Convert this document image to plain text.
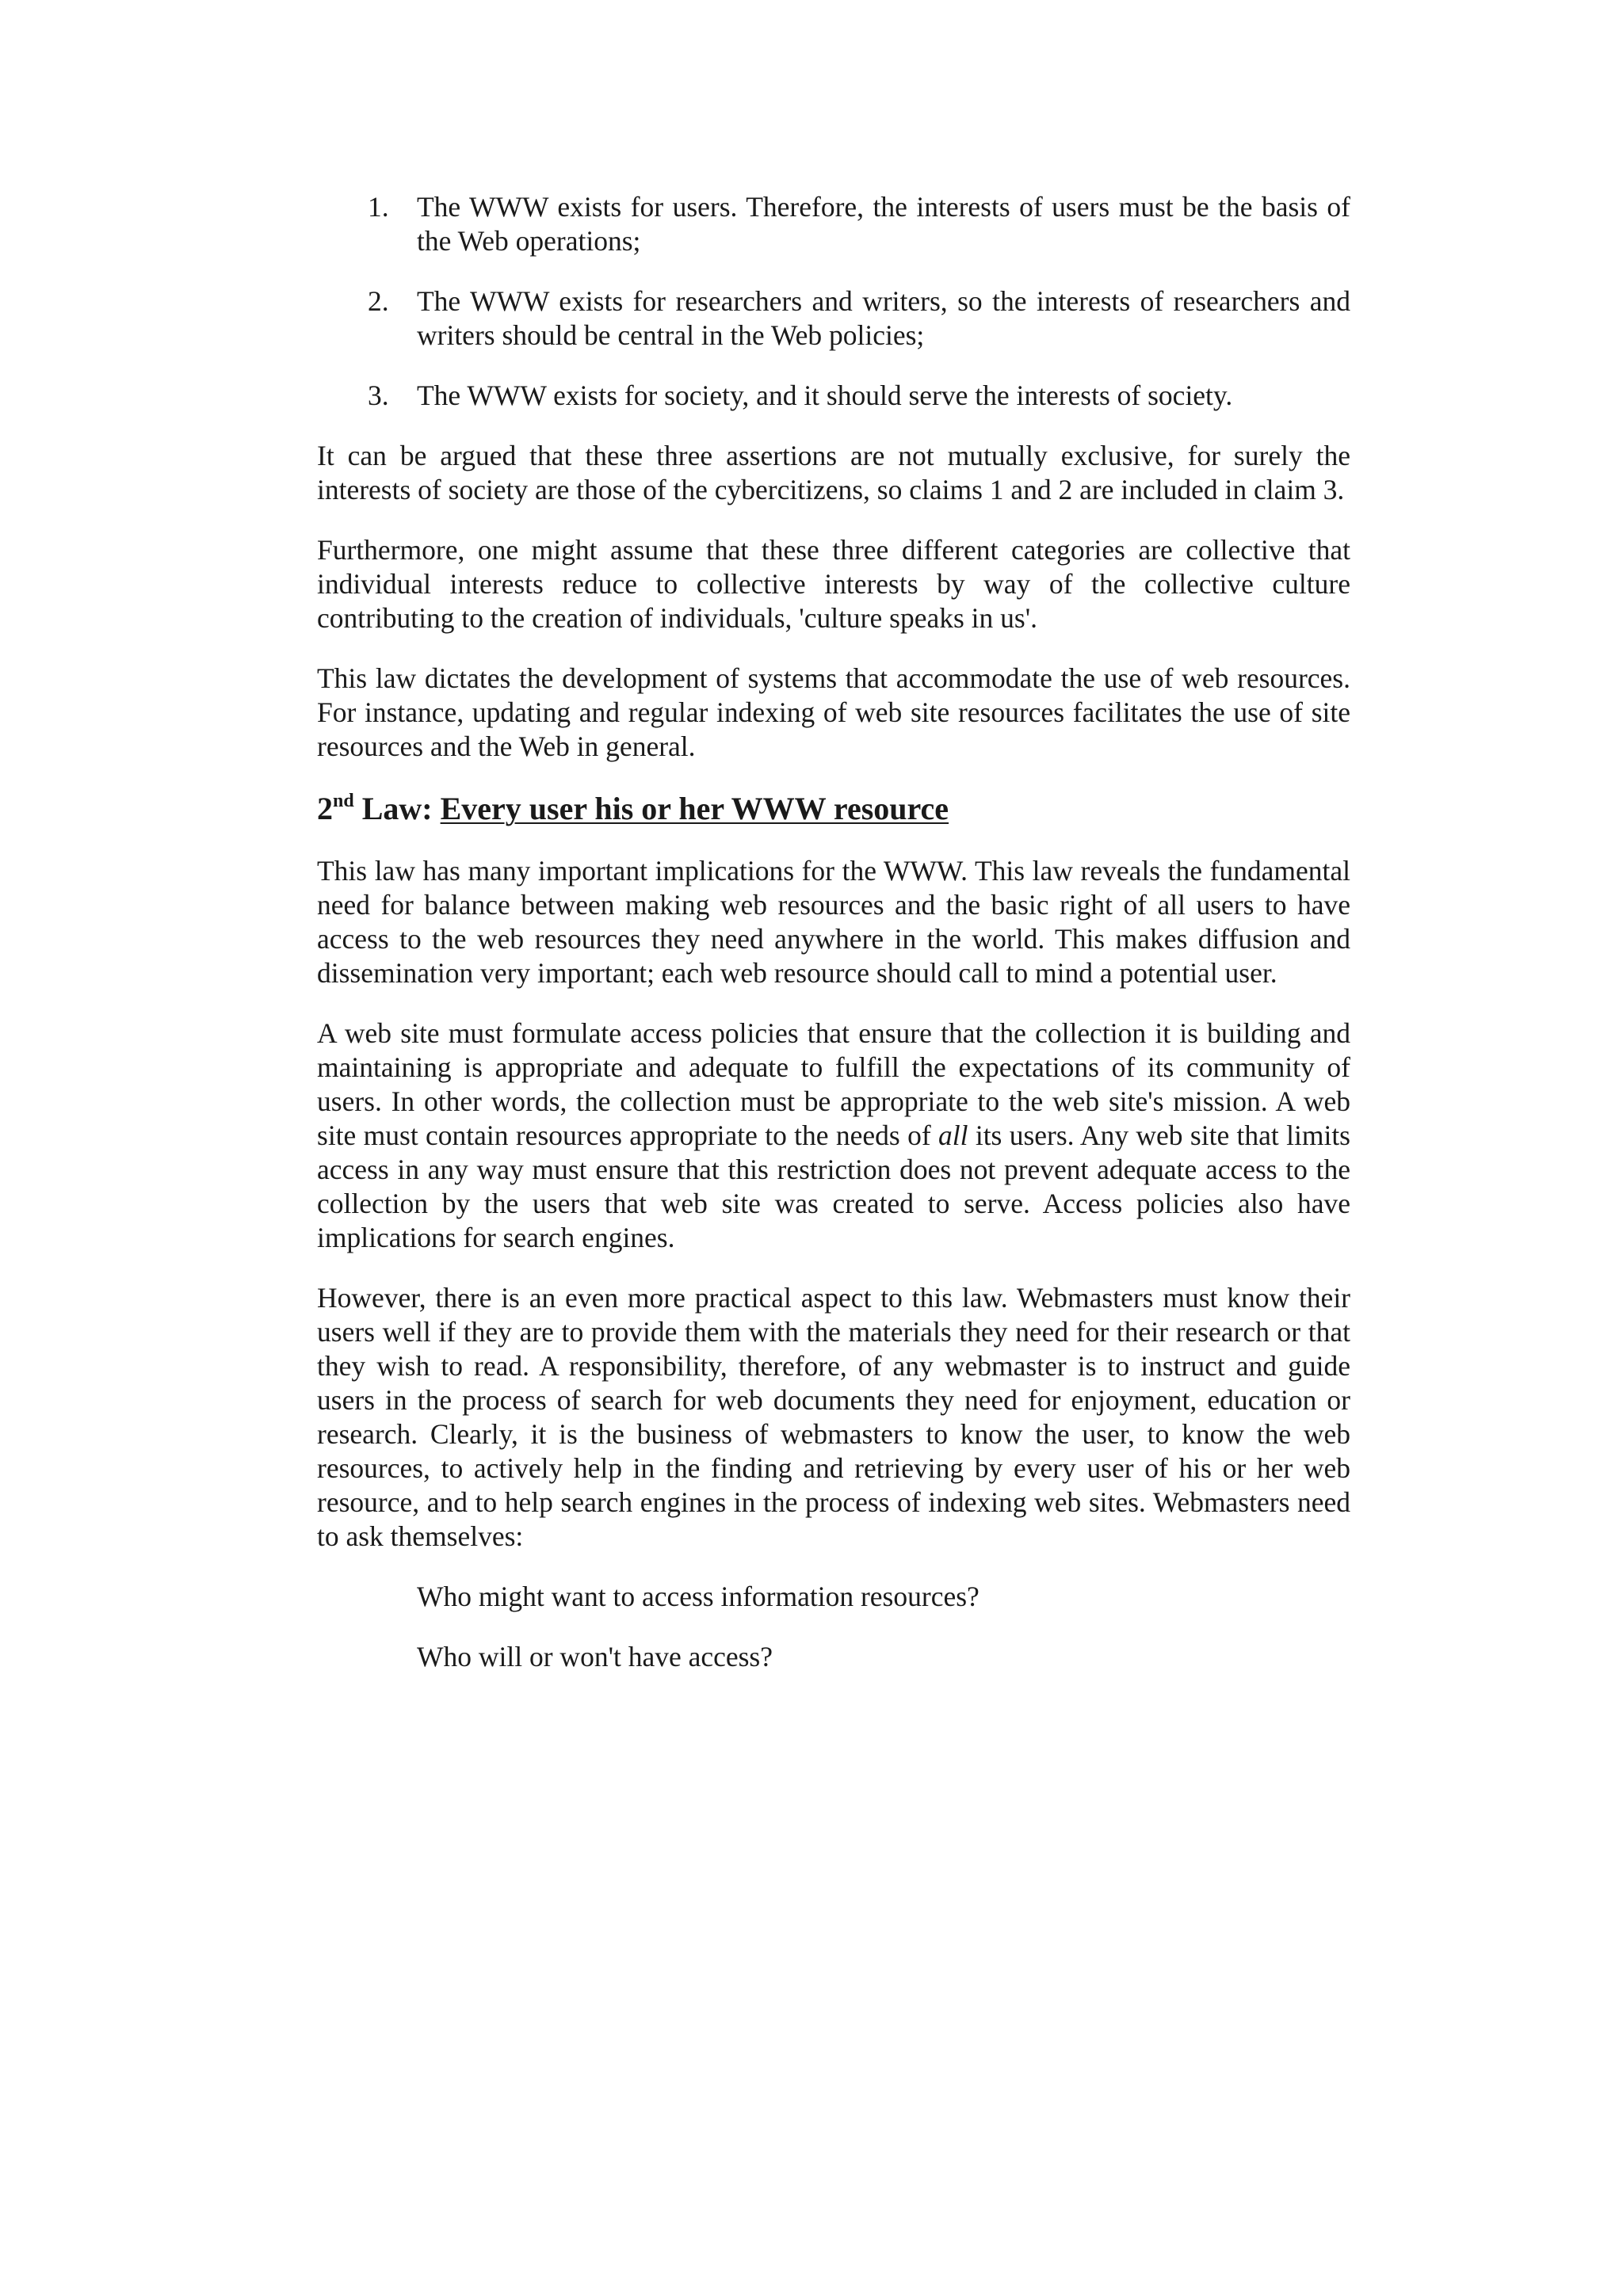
1. The WWW exists for users. Therefore, the interests of users must be the basis of the Web operations;
2. The WWW exists for researchers and writers, so the interests of researchers and writers should be central in the Web policies;
3. The WWW exists for society, and it should serve the interests of society.

It can be argued that these three assertions are not mutually exclusive, for surely the interests of society are those of the cybercitizens, so claims 1 and 2 are included in claim 3.

Furthermore, one might assume that these three different categories are collective that individual interests reduce to collective interests by way of the collective culture contributing to the creation of individuals, 'culture speaks in us'.

This law dictates the development of systems that accommodate the use of web resources. For instance, updating and regular indexing of web site resources facilitates the use of site resources and the Web in general.

2nd Law: Every user his or her WWW resource

This law has many important implications for the WWW. This law reveals the fundamental need for balance between making web resources and the basic right of all users to have access to the web resources they need anywhere in the world. This makes diffusion and dissemination very important; each web resource should call to mind a potential user.

A web site must formulate access policies that ensure that the collection it is building and maintaining is appropriate and adequate to fulfill the expectations of its community of users. In other words, the collection must be appropriate to the web site's mission. A web site must contain resources appropriate to the needs of all its users. Any web site that limits access in any way must ensure that this restriction does not prevent adequate access to the collection by the users that web site was created to serve. Access policies also have implications for search engines.

However, there is an even more practical aspect to this law. Webmasters must know their users well if they are to provide them with the materials they need for their research or that they wish to read. A responsibility, therefore, of any webmaster is to instruct and guide users in the process of search for web documents they need for enjoyment, education or research. Clearly, it is the business of webmasters to know the user, to know the web resources, to actively help in the finding and retrieving by every user of his or her web resource, and to help search engines in the process of indexing web sites. Webmasters need to ask themselves:

Who might want to access information resources?

Who will or won't have access?
